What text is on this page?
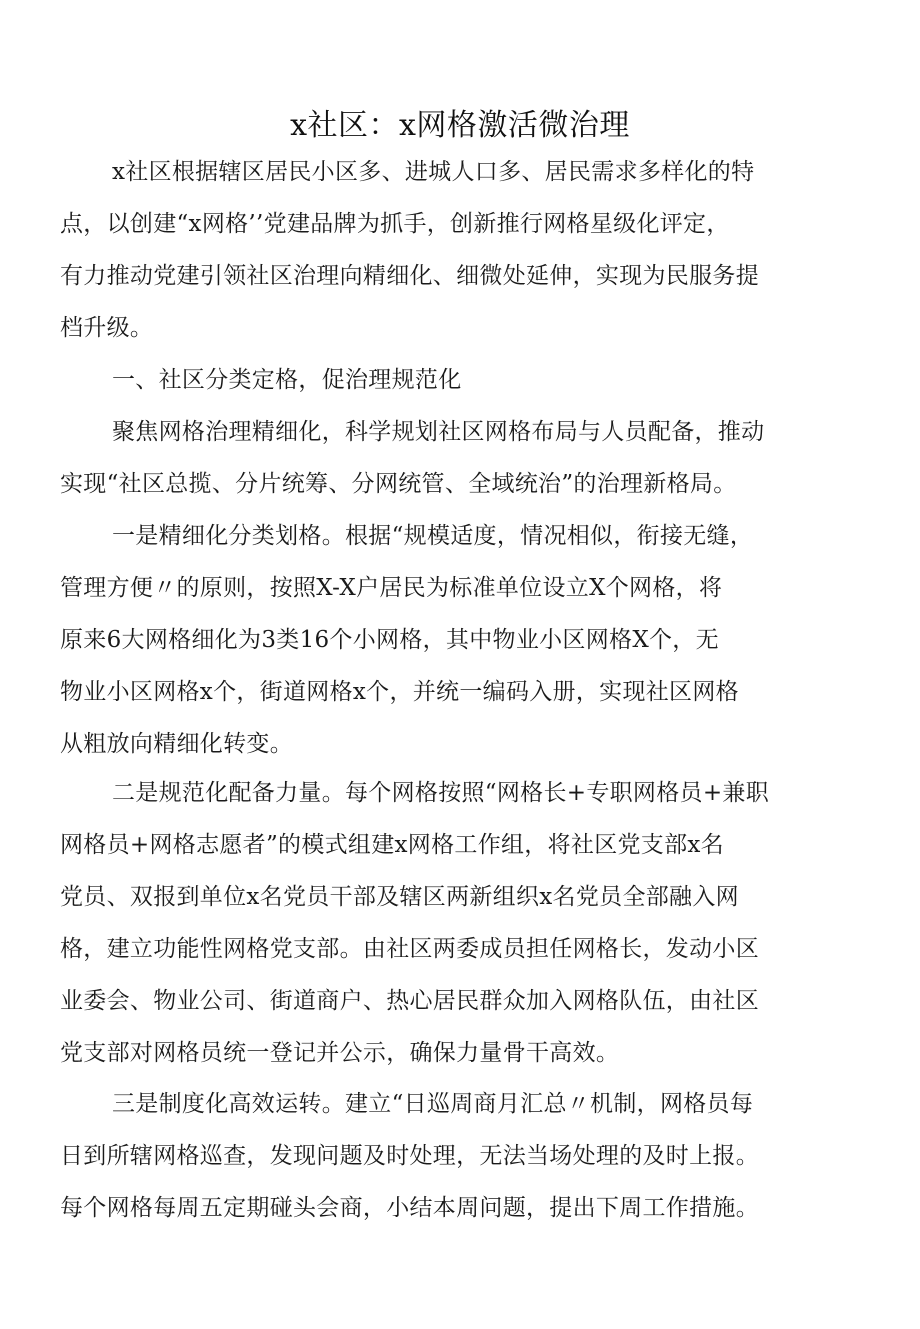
x社区：x网格激活微治理
x社区根据辖区居民小区多、进城人口多、居民需求多样化的特
点，以创建“x网格’’党建品牌为抓手，创新推行网格星级化评定，
有力推动党建引领社区治理向精细化、细微处延伸，实现为民服务提
档升级。
一、社区分类定格，促治理规范化
聚焦网格治理精细化，科学规划社区网格布局与人员配备，推动
实现“社区总揽、分片统筹、分网统管、全域统治”的治理新格局。
一是精细化分类划格。根据“规模适度，情况相似，衔接无缝，
管理方便〃的原则，按照X-X户居民为标准单位设立X个网格，将
原来6大网格细化为3类16个小网格，其中物业小区网格X个，无
物业小区网格x个，街道网格x个，并统一编码入册，实现社区网格
从粗放向精细化转变。
二是规范化配备力量。每个网格按照“网格长+专职网格员+兼职
网格员+网格志愿者”的模式组建x网格工作组，将社区党支部x名
党员、双报到单位x名党员干部及辖区两新组织x名党员全部融入网
格，建立功能性网格党支部。由社区两委成员担任网格长，发动小区
业委会、物业公司、街道商户、热心居民群众加入网格队伍，由社区
党支部对网格员统一登记并公示，确保力量骨干高效。
三是制度化高效运转。建立“日巡周商月汇总〃机制，网格员每
日到所辖网格巡查，发现问题及时处理，无法当场处理的及时上报。
每个网格每周五定期碰头会商，小结本周问题，提出下周工作措施。
